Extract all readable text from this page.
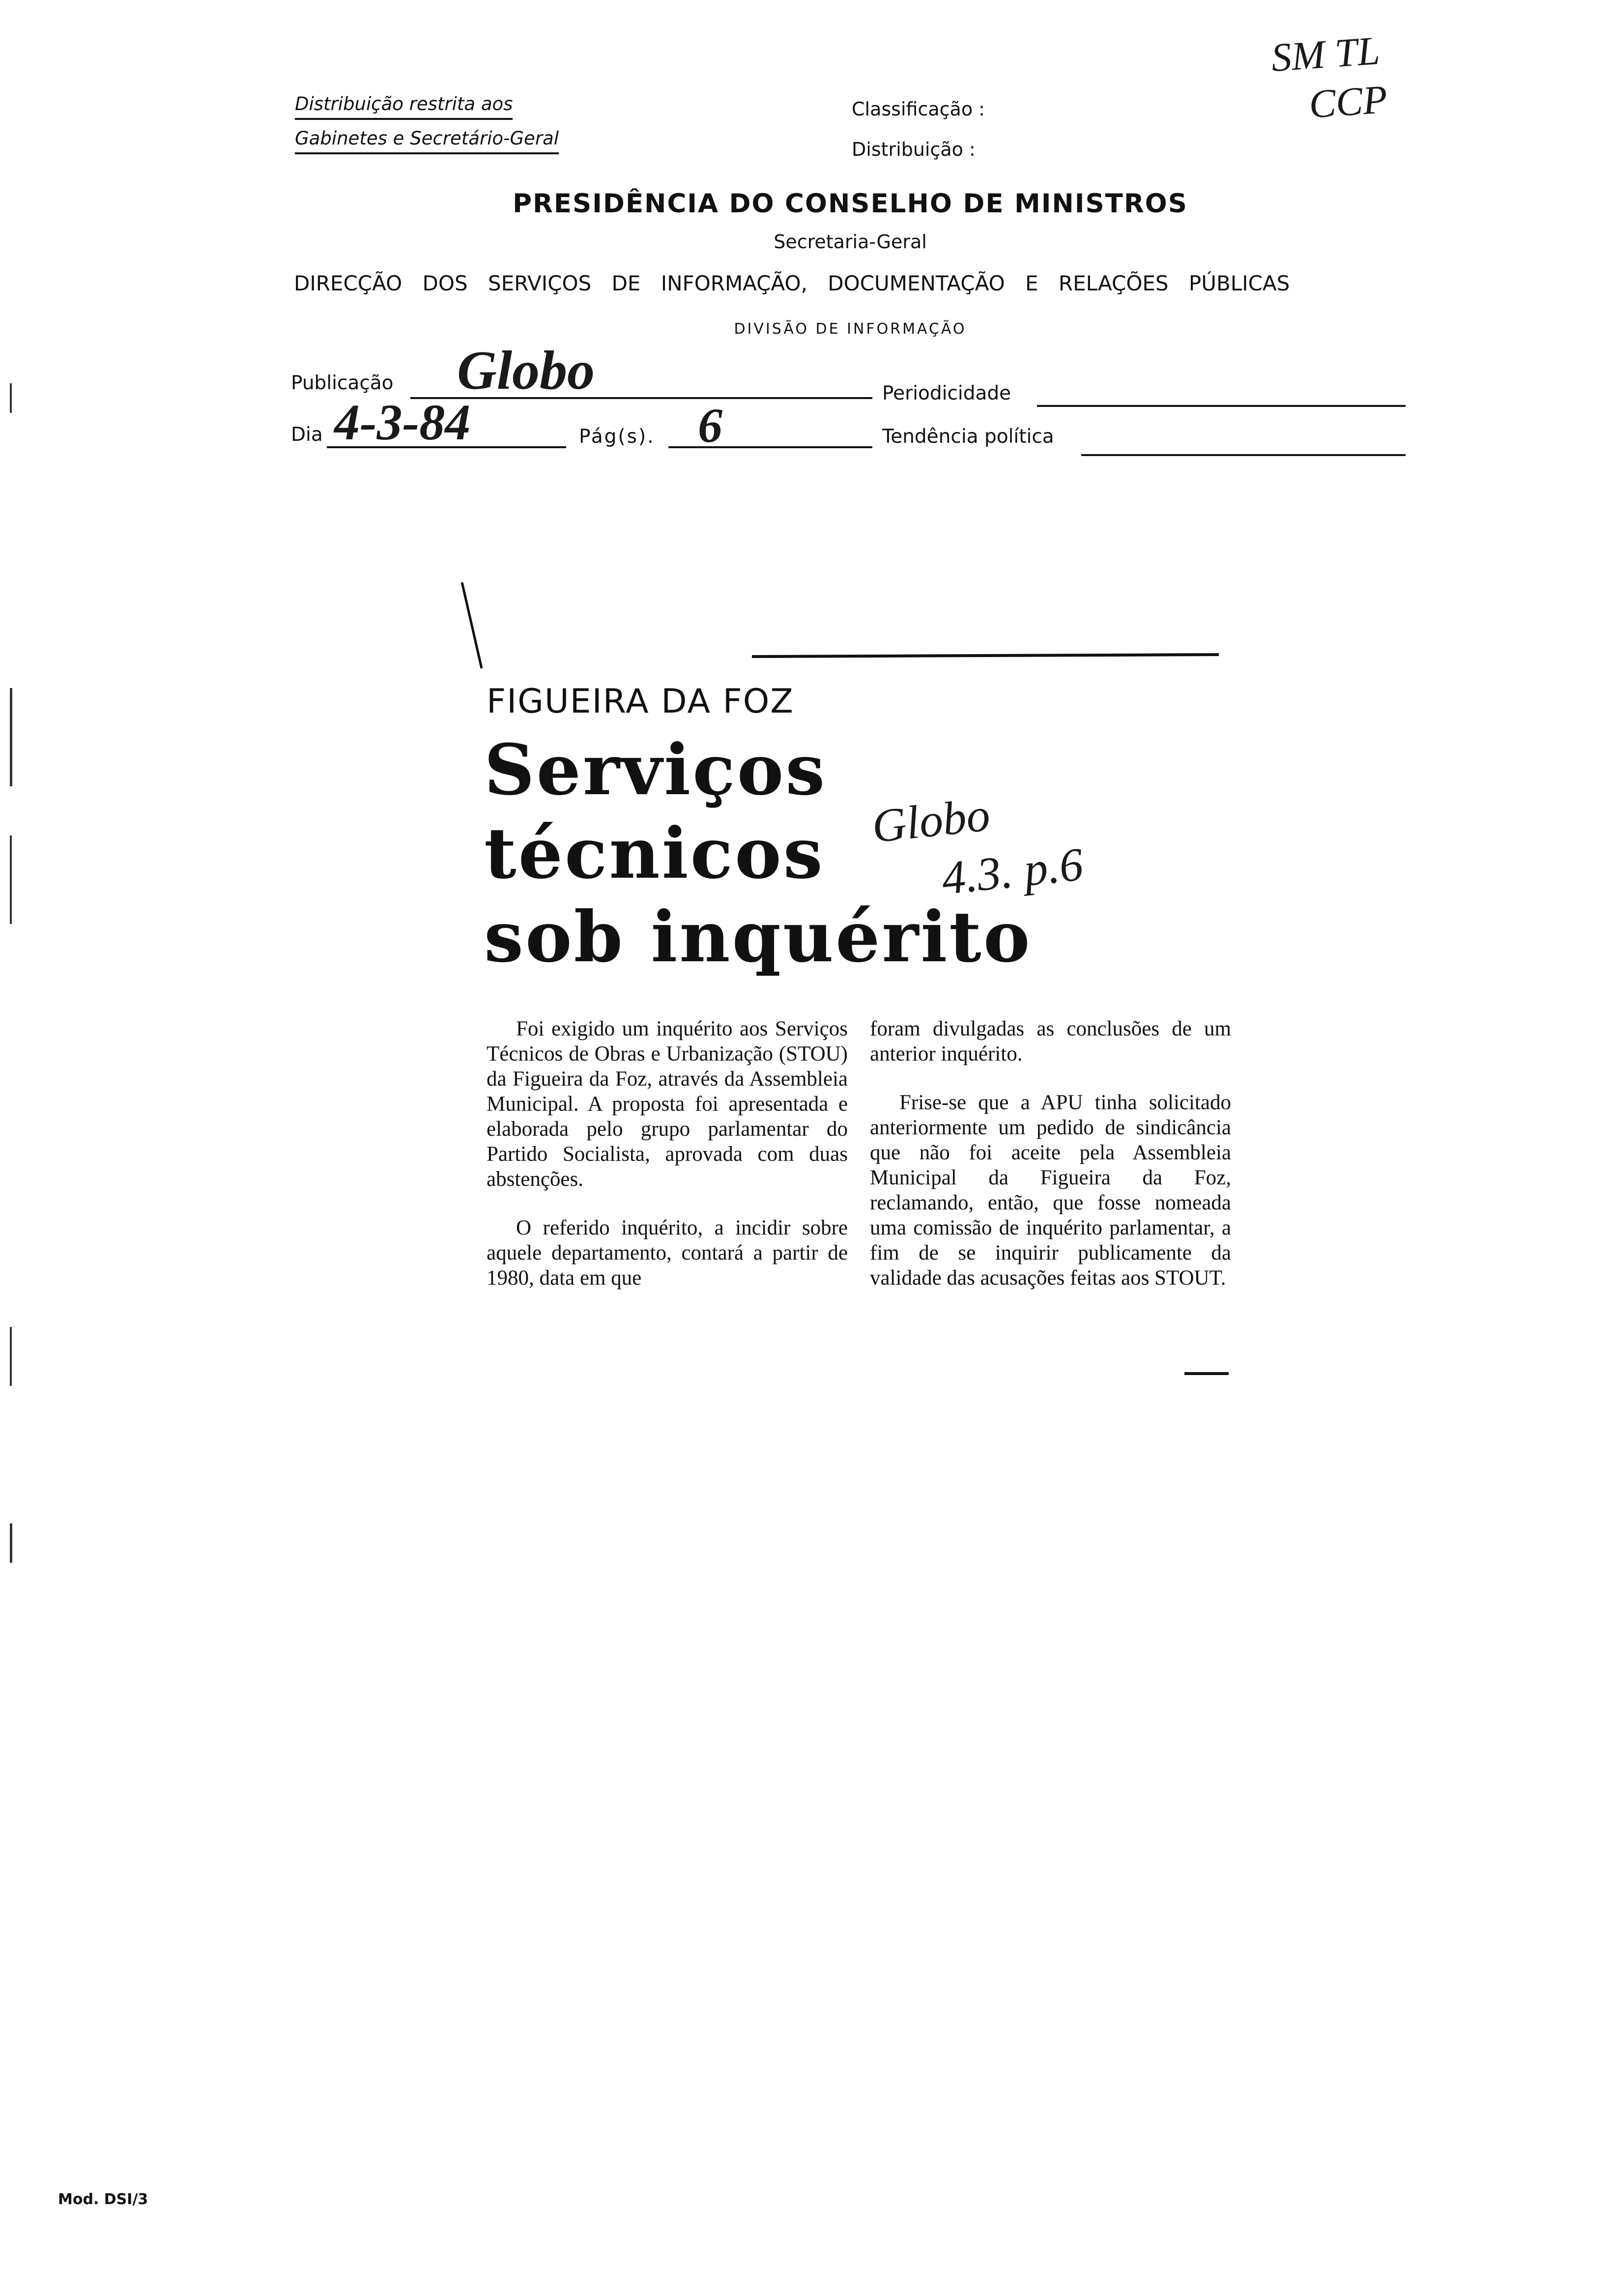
Distribuição restrita aos
Gabinetes e Secretário-Geral
Classificação :
Distribuição :
SM TL
CCP
PRESIDÊNCIA DO CONSELHO DE MINISTROS
Secretaria-Geral
DIRECÇÃO DOS SERVIÇOS DE INFORMAÇÃO, DOCUMENTAÇÃO E RELAÇÕES PÚBLICAS
DIVISÃO DE INFORMAÇÃO
Publicação Globo	Periodicidade
Dia 4-3-84	Pág(s). 6	Tendência política
FIGUEIRA DA FOZ
Serviços
técnicos
sob inquérito
Globo
4.3. p.6

Foi exigido um inquérito aos Serviços Técnicos de Obras e Urbanização (STOU) da Figueira da Foz, através da Assembleia Municipal. A proposta foi apresentada e elaborada pelo grupo parlamentar do Partido Socialista, aprovada com duas abstenções.

O referido inquérito, a incidir sobre aquele departamento, contará a partir de 1980, data em que

foram divulgadas as conclusões de um anterior inquérito.

Frise-se que a APU tinha solicitado anteriormente um pedido de sindicância que não foi aceite pela Assembleia Municipal da Figueira da Foz, reclamando, então, que fosse nomeada uma comissão de inquérito parlamentar, a fim de se inquirir publicamente da validade das acusações feitas aos STOUT.

Mod. DSI/3
